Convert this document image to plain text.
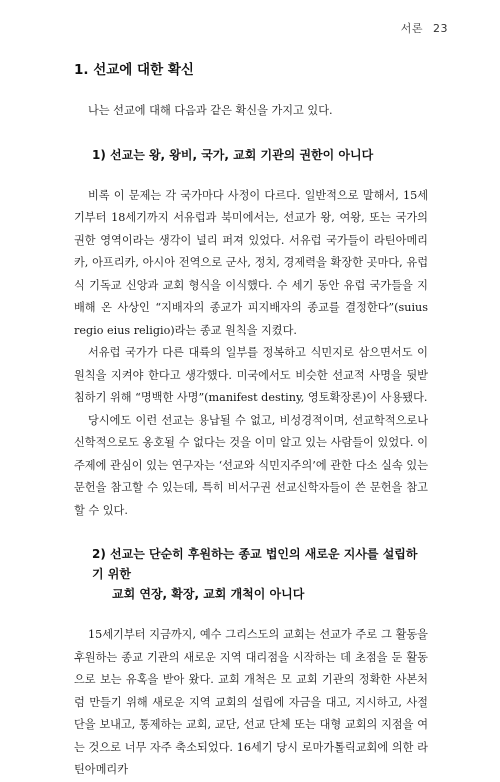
서론 23
1. 선교에 대한 확신

나는 선교에 대해 다음과 같은 확신을 가지고 있다.

1) 선교는 왕, 왕비, 국가, 교회 기관의 권한이 아니다

비록 이 문제는 각 국가마다 사정이 다르다. 일반적으로 말해서, 15세기부터 18세기까지 서유럽과 북미에서는, 선교가 왕, 여왕, 또는 국가의 권한 영역이라는 생각이 널리 퍼져 있었다. 서유럽 국가들이 라틴아메리카, 아프리카, 아시아 전역으로 군사, 정치, 경제력을 확장한 곳마다, 유럽식 기독교 신앙과 교회 형식을 이식했다. 수 세기 동안 유럽 국가들을 지배해 온 사상인 “지배자의 종교가 피지배자의 종교를 결정한다”(suius regio eius religio)라는 종교 원칙을 지켰다.

서유럽 국가가 다른 대륙의 일부를 정복하고 식민지로 삼으면서도 이 원칙을 지켜야 한다고 생각했다. 미국에서도 비슷한 선교적 사명을 뒷받침하기 위해 “명백한 사명”(manifest destiny, 영토확장론)이 사용됐다.

당시에도 이런 선교는 용납될 수 없고, 비성경적이며, 선교학적으로나 신학적으로도 옹호될 수 없다는 것을 이미 알고 있는 사람들이 있었다. 이 주제에 관심이 있는 연구자는 ‘선교와 식민지주의’에 관한 다소 실속 있는 문헌을 참고할 수 있는데, 특히 비서구권 선교신학자들이 쓴 문헌을 참고할 수 있다.

2) 선교는 단순히 후원하는 종교 법인의 새로운 지사를 설립하기 위한
교회 연장, 확장, 교회 개척이 아니다

15세기부터 지금까지, 예수 그리스도의 교회는 선교가 주로 그 활동을 후원하는 종교 기관의 새로운 지역 대리점을 시작하는 데 초점을 둔 활동으로 보는 유혹을 받아 왔다. 교회 개척은 모 교회 기관의 정확한 사본처럼 만들기 위해 새로운 지역 교회의 설립에 자금을 대고, 지시하고, 사절단을 보내고, 통제하는 교회, 교단, 선교 단체 또는 대형 교회의 지점을 여는 것으로 너무 자주 축소되었다. 16세기 당시 로마가톨릭교회에 의한 라틴아메리카
